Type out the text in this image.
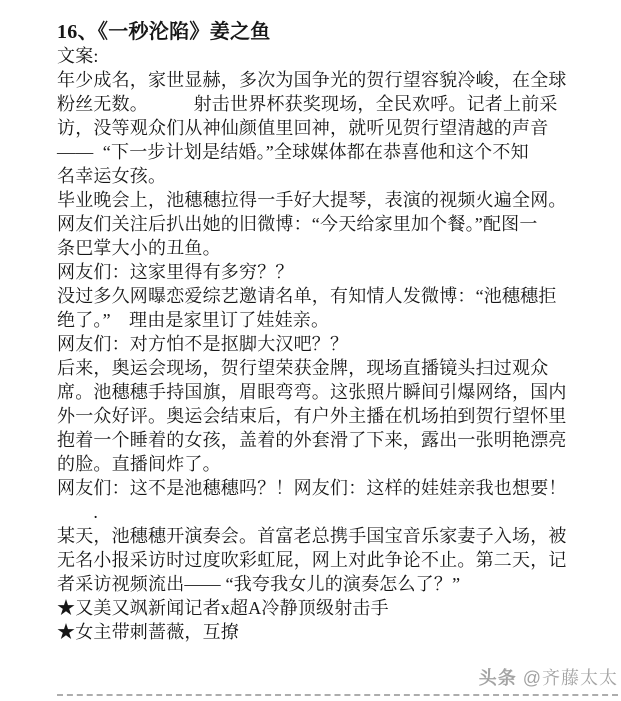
16、《一秒沦陷》姜之鱼
文案:
年少成名，家世显赫，多次为国争光的贺行望容貌冷峻，在全球
粉丝无数。　　　射击世界杯获奖现场，全民欢呼。记者上前采
访，没等观众们从神仙颜值里回神，就听见贺行望清越的声音
——  “下一步计划是结婚。”全球媒体都在恭喜他和这个不知
名幸运女孩。
毕业晚会上，池穗穗拉得一手好大提琴，表演的视频火遍全网。
网友们关注后扒出她的旧微博：“今天给家里加个餐。”配图一
条巴掌大小的丑鱼。
网友们：这家里得有多穷？？
没过多久网曝恋爱综艺邀请名单，有知情人发微博：“池穗穗拒
绝了。”　理由是家里订了娃娃亲。
网友们：对方怕不是抠脚大汉吧？？
后来，奥运会现场，贺行望荣获金牌，现场直播镜头扫过观众
席。池穗穗手持国旗，眉眼弯弯。这张照片瞬间引爆网络，国内
外一众好评。奥运会结束后，有户外主播在机场拍到贺行望怀里
抱着一个睡着的女孩，盖着的外套滑了下来，露出一张明艳漂亮
的脸。直播间炸了。
网友们：这不是池穗穗吗？！网友们：这样的娃娃亲我也想要！
　　.
某天，池穗穗开演奏会。首富老总携手国宝音乐家妻子入场，被
无名小报采访时过度吹彩虹屁，网上对此争论不止。第二天，记
者采访视频流出—— “我夸我女儿的演奏怎么了？”
★又美又飒新闻记者x超A冷静顶级射击手
★女主带刺蔷薇，互撩
头条 @齐藤太太
